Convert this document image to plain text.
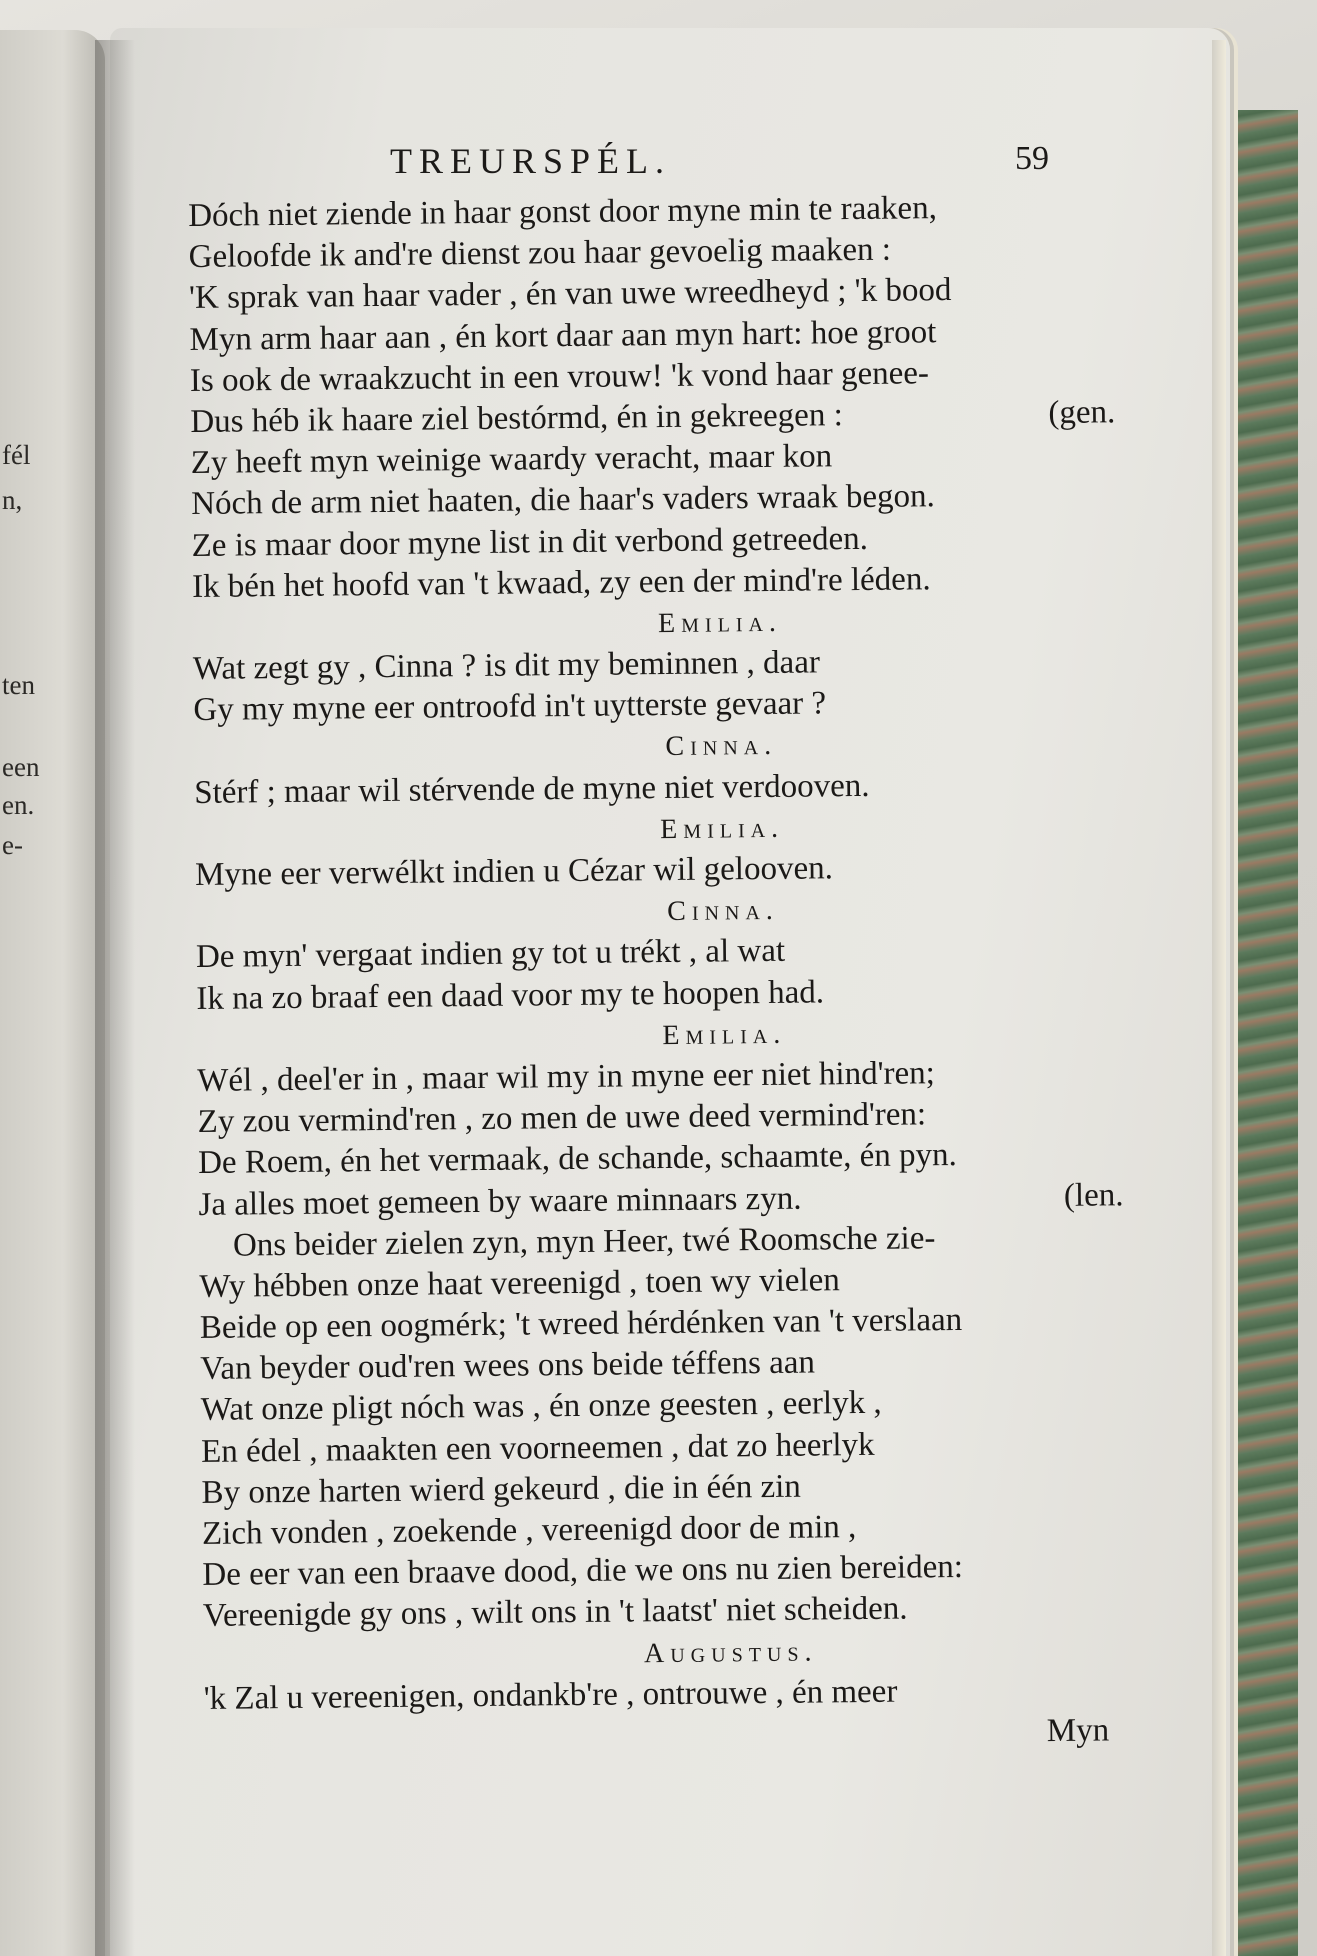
fél
n,
ten
een
en.
e-
TREURSPÉL.	59
Dóch niet ziende in haar gonst door myne min te raaken,
Geloofde ik and're dienst zou haar gevoelig maaken :
'K sprak van haar vader , én van uwe wreedheyd ; 'k bood
Myn arm haar aan , én kort daar aan myn hart: hoe groot
Is ook de wraakzucht in een vrouw! 'k vond haar genee-
Dus héb ik haare ziel bestórmd, én in gekreegen :	(gen.
Zy heeft myn weinige waardy veracht, maar kon
Nóch de arm niet haaten, die haar's vaders wraak begon.
Ze is maar door myne list in dit verbond getreeden.
Ik bén het hoofd van 't kwaad, zy een der mind're léden.
Emilia.
Wat zegt gy , Cinna ? is dit my beminnen , daar
Gy my myne eer ontroofd in't uytterste gevaar ?
Cinna.
Stérf ; maar wil stérvende de myne niet verdooven.
Emilia.
Myne eer verwélkt indien u Cézar wil gelooven.
Cinna.
De myn' vergaat indien gy tot u trékt , al wat
Ik na zo braaf een daad voor my te hoopen had.
Emilia.
Wél , deel'er in , maar wil my in myne eer niet hind'ren;
Zy zou vermind'ren , zo men de uwe deed vermind'ren:
De Roem, én het vermaak, de schande, schaamte, én pyn.
Ja alles moet gemeen by waare minnaars zyn.	(len.
Ons beider zielen zyn, myn Heer, twé Roomsche zie-
Wy hébben onze haat vereenigd , toen wy vielen
Beide op een oogmérk; 't wreed hérdénken van 't verslaan
Van beyder oud'ren wees ons beide téffens aan
Wat onze pligt nóch was , én onze geesten , eerlyk ,
En édel , maakten een voorneemen , dat zo heerlyk
By onze harten wierd gekeurd , die in één zin
Zich vonden , zoekende , vereenigd door de min ,
De eer van een braave dood, die we ons nu zien bereiden:
Vereenigde gy ons , wilt ons in 't laatst' niet scheiden.
Augustus.
'k Zal u vereenigen, ondankb're , ontrouwe , én meer
Myn
